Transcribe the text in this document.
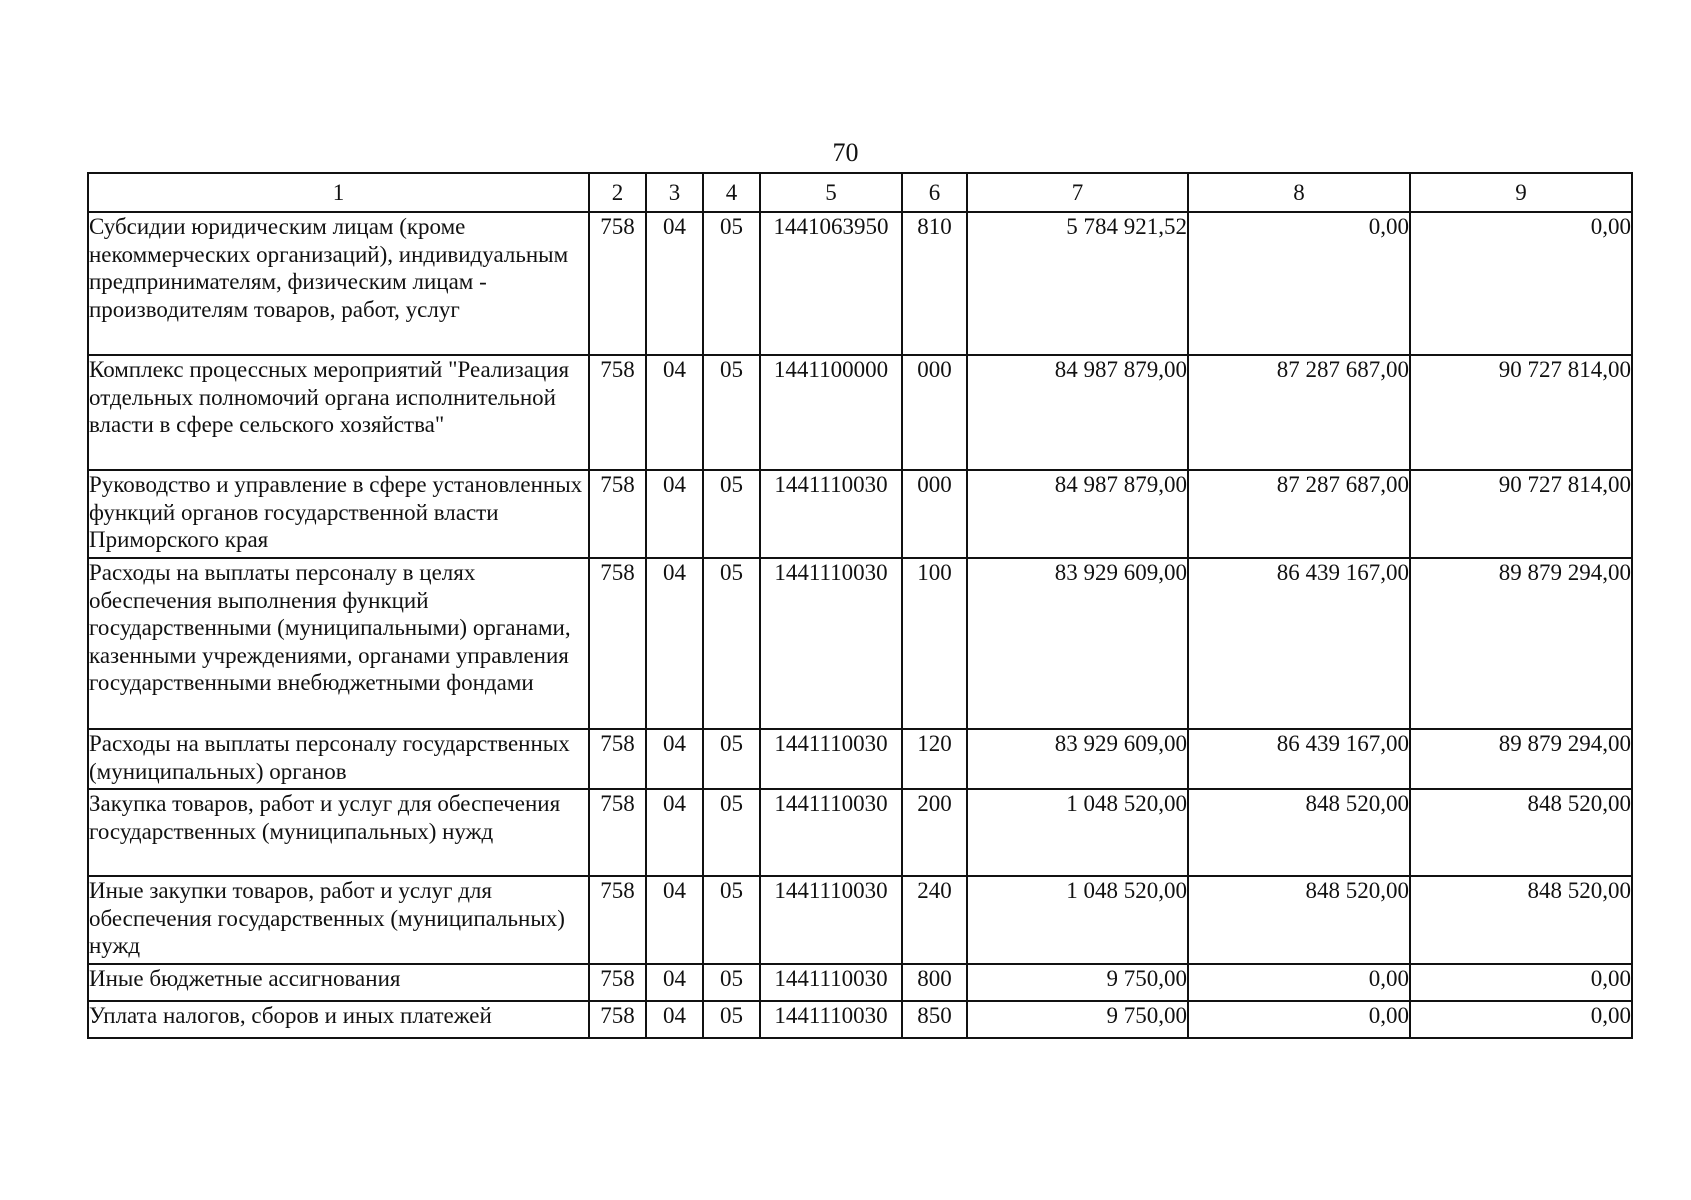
70
1	2	3	4	5	6	7	8	9
Субсидии юридическим лицам (кроме некоммерческих организаций), индивидуальным предпринимателям, физическим лицам - производителям товаров, работ, услуг	758	04	05	1441063950	810	5 784 921,52	0,00	0,00
Комплекс процессных мероприятий "Реализация отдельных полномочий органа исполнительной власти в сфере сельского хозяйства"	758	04	05	1441100000	000	84 987 879,00	87 287 687,00	90 727 814,00
Руководство и управление в сфере установленных функций органов государственной власти Приморского края	758	04	05	1441110030	000	84 987 879,00	87 287 687,00	90 727 814,00
Расходы на выплаты персоналу в целях обеспечения выполнения функций государственными (муниципальными) органами, казенными учреждениями, органами управления государственными внебюджетными фондами	758	04	05	1441110030	100	83 929 609,00	86 439 167,00	89 879 294,00
Расходы на выплаты персоналу государственных (муниципальных) органов	758	04	05	1441110030	120	83 929 609,00	86 439 167,00	89 879 294,00
Закупка товаров, работ и услуг для обеспечения государственных (муниципальных) нужд	758	04	05	1441110030	200	1 048 520,00	848 520,00	848 520,00
Иные закупки товаров, работ и услуг для обеспечения государственных (муниципальных) нужд	758	04	05	1441110030	240	1 048 520,00	848 520,00	848 520,00
Иные бюджетные ассигнования	758	04	05	1441110030	800	9 750,00	0,00	0,00
Уплата налогов, сборов и иных платежей	758	04	05	1441110030	850	9 750,00	0,00	0,00
